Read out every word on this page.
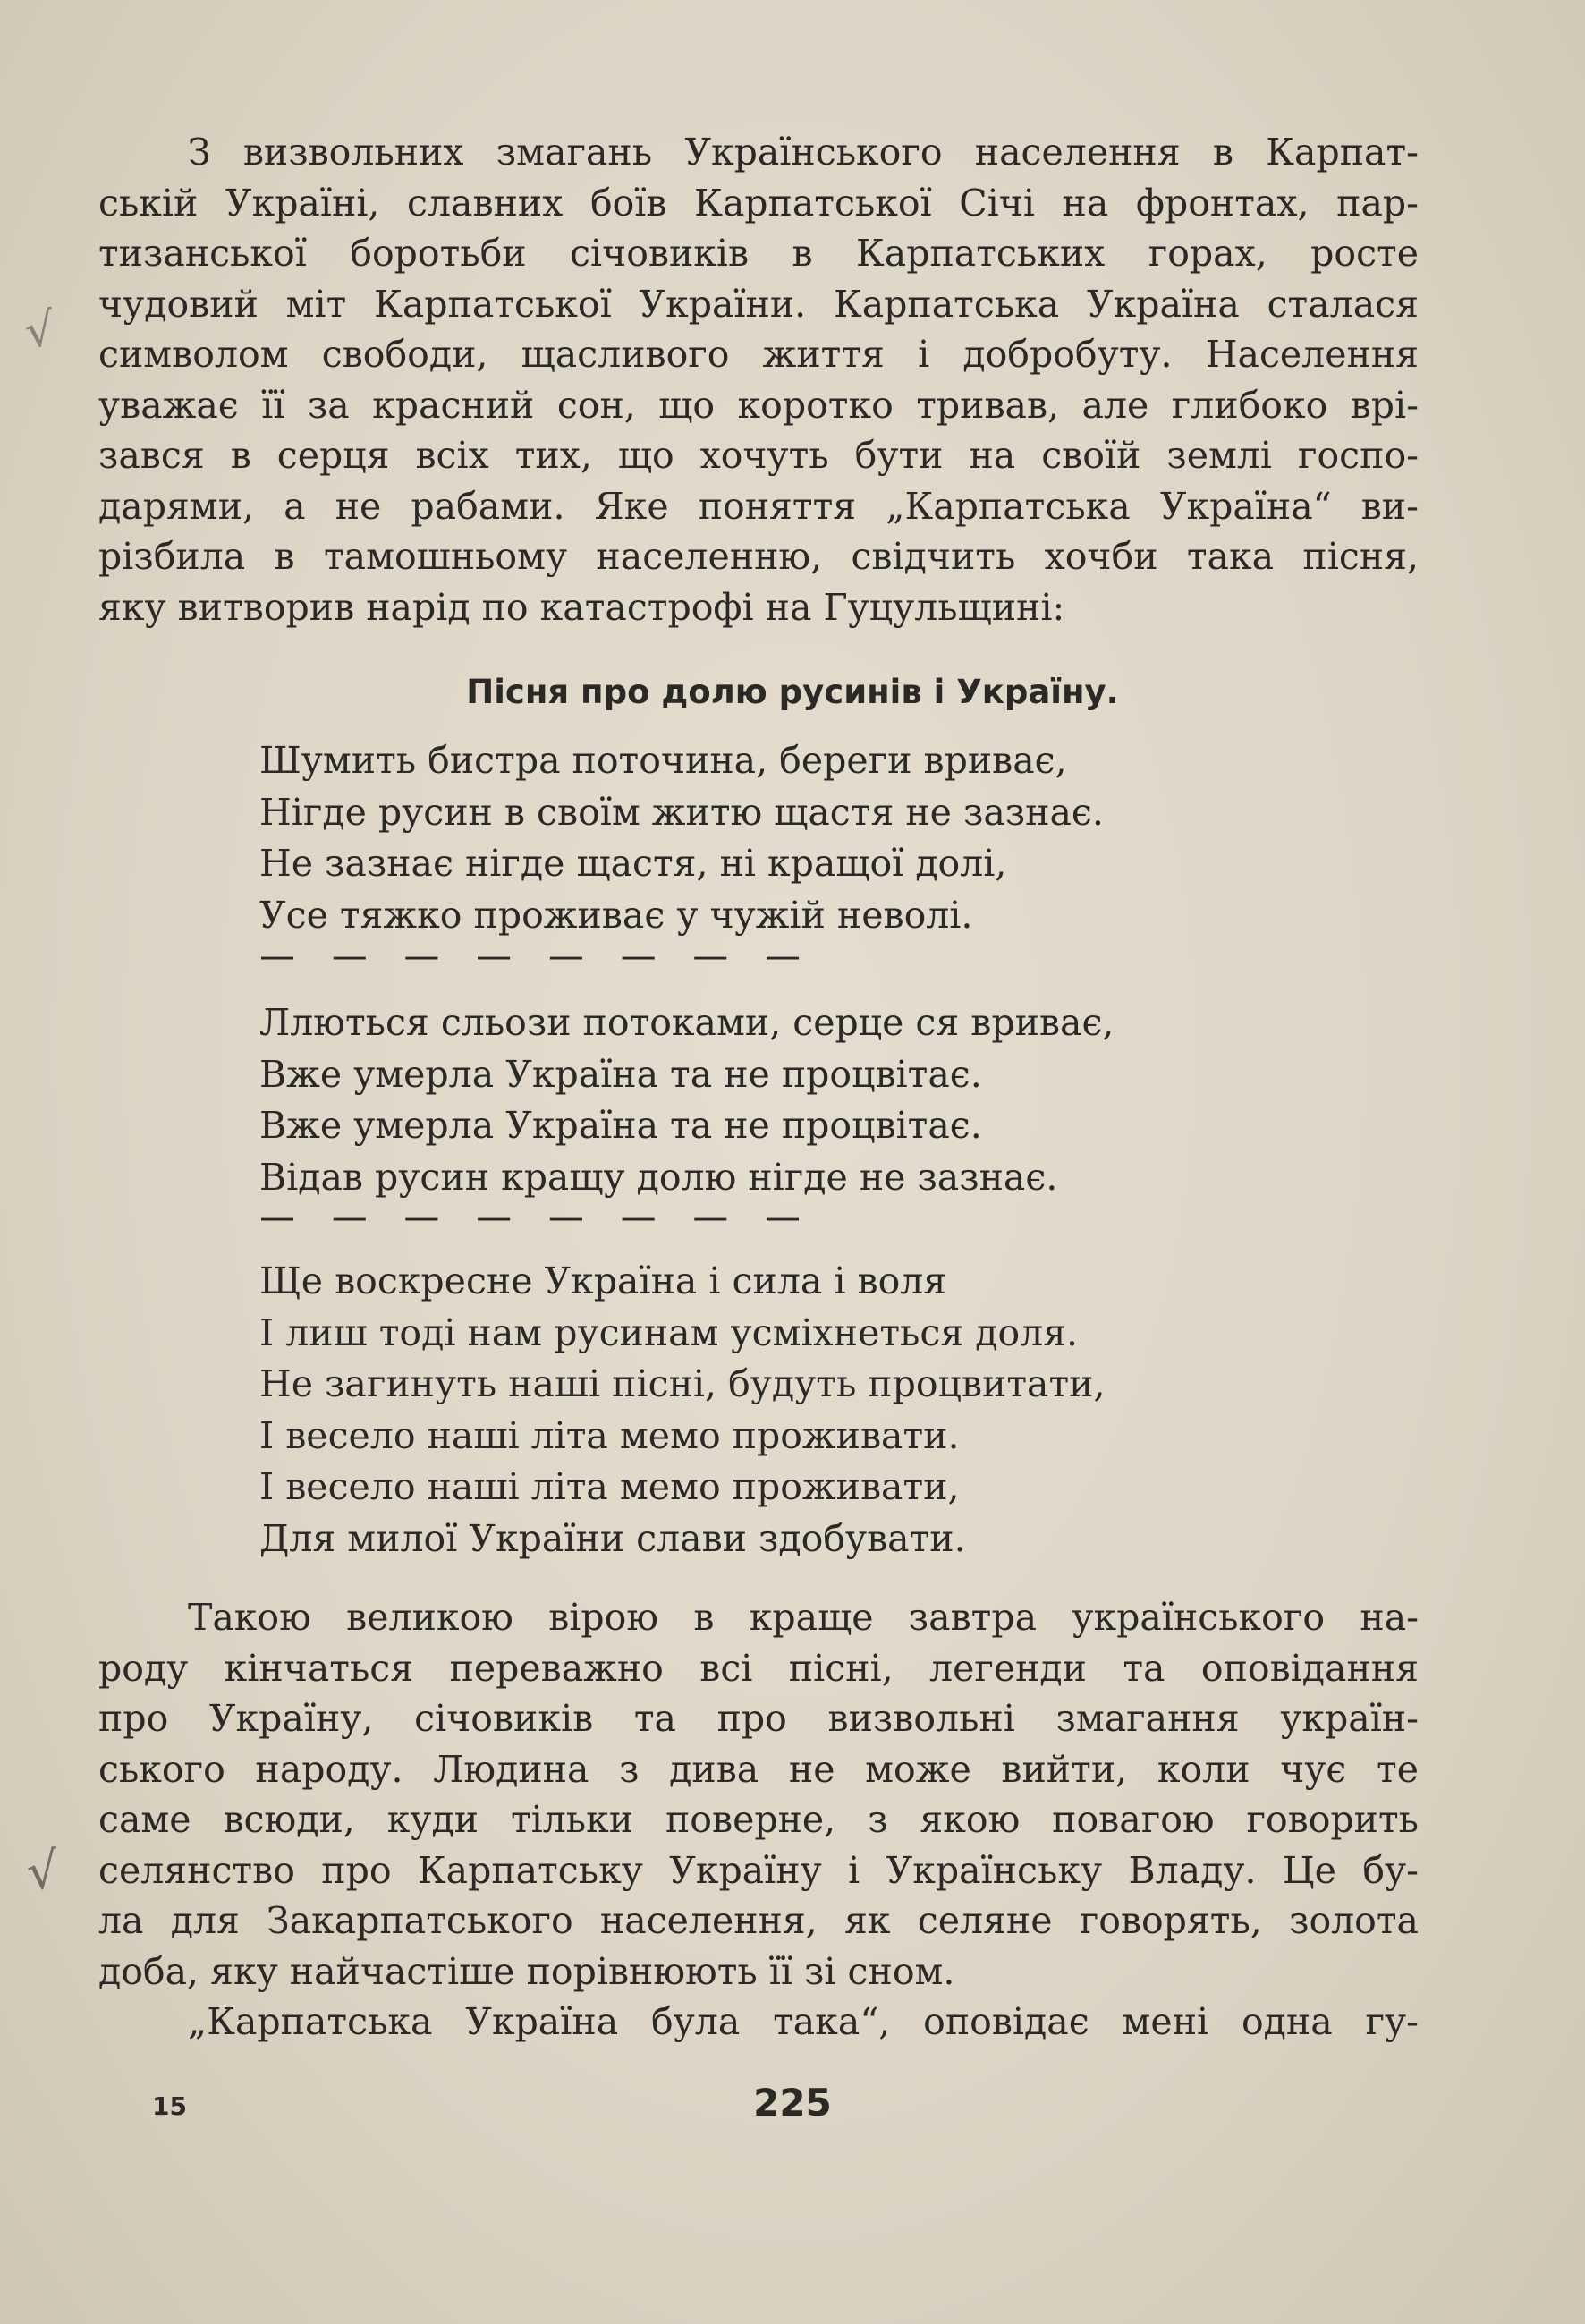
√
√

З визвольних змагань Українського населення в Карпат-
ській Україні, славних боїв Карпатської Січі на фронтах, пар-
тизанської боротьби січовиків в Карпатських горах, росте
чудовий міт Карпатської України. Карпатська Україна сталася
символом свободи, щасливого життя і добробуту. Населення
уважає її за красний сон, що коротко тривав, але глибоко врі-
зався в серця всіх тих, що хочуть бути на своїй землі госпо-
дарями, а не рабами. Яке поняття „Карпатська Україна“ ви-
різбила в тамошньому населенню, свідчить хочби така пісня,
яку витворив нарід по катастрофі на Гуцульщині:

Пісня про долю русинів і Україну.
Шумить бистра поточина, береги вриває,
Нігде русин в своїм житю щастя не зазнає.
Не зазнає нігде щастя, ні кращої долі,
Усе тяжко проживає у чужій неволі.
— — — — — — — —
Ллються сльози потоками, серце ся вриває,
Вже умерла Україна та не процвітає.
Вже умерла Україна та не процвітає.
Відав русин кращу долю нігде не зазнає.
— — — — — — — —
Ще воскресне Україна і сила і воля
І лиш тоді нам русинам усміхнеться доля.
Не загинуть наші пісні, будуть процвитати,
І весело наші літа мемо проживати.
І весело наші літа мемо проживати,
Для милої України слави здобувати.

Такою великою вірою в краще завтра українського на-
роду кінчаться переважно всі пісні, легенди та оповідання
про Україну, січовиків та про визвольні змагання україн-
ського народу. Людина з дива не може вийти, коли чує те
саме всюди, куди тільки поверне, з якою повагою говорить
селянство про Карпатську Україну і Українську Владу. Це бу-
ла для Закарпатського населення, як селяне говорять, золота
доба, яку найчастіше порівнюють її зі сном.

„Карпатська Україна була така“, оповідає мені одна гу-

15	225
